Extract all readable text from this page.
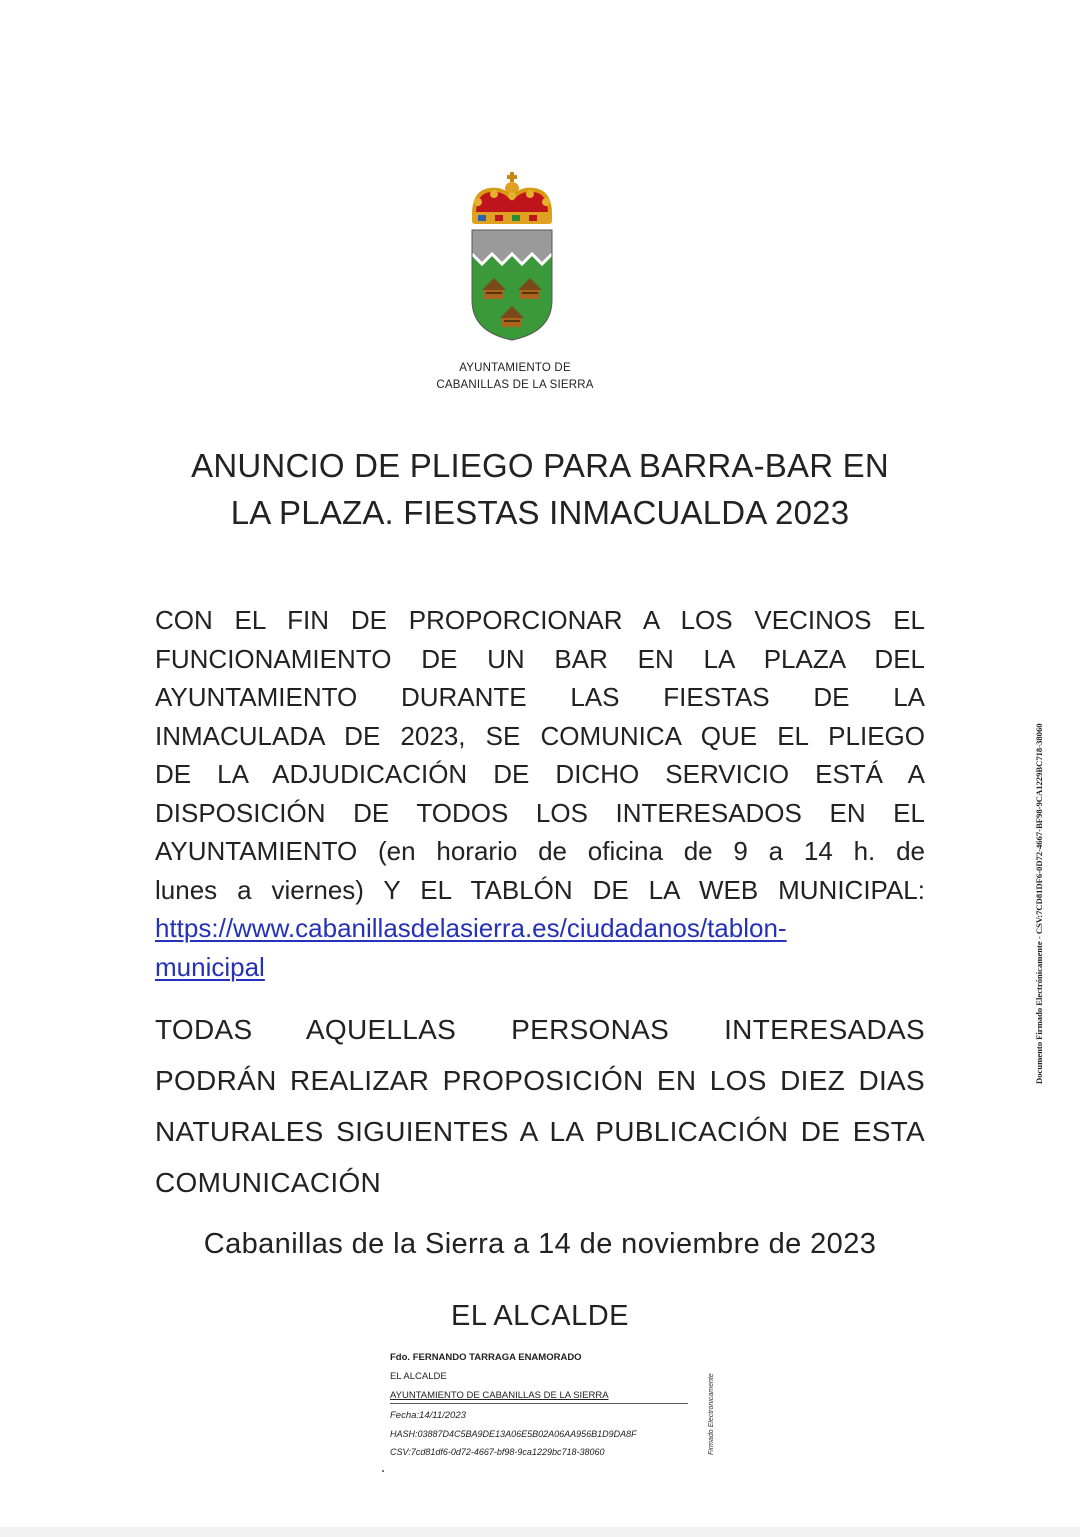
AYUNTAMIENTO DE
CABANILLAS DE LA SIERRA
ANUNCIO DE PLIEGO PARA BARRA-BAR EN
LA PLAZA. FIESTAS INMACUALDA 2023
CON EL FIN DE PROPORCIONAR A LOS VECINOS EL
FUNCIONAMIENTO DE UN BAR EN LA PLAZA DEL
AYUNTAMIENTO DURANTE LAS FIESTAS DE LA
INMACULADA DE 2023, SE COMUNICA QUE EL PLIEGO
DE LA ADJUDICACIÓN DE DICHO SERVICIO ESTÁ A
DISPOSICIÓN DE TODOS LOS INTERESADOS EN EL
AYUNTAMIENTO (en horario de oficina de 9 a 14 h. de
lunes a viernes) Y EL TABLÓN DE LA WEB MUNICIPAL:
https://www.cabanillasdelasierra.es/ciudadanos/tablon-
municipal
TODAS AQUELLAS PERSONAS INTERESADAS
PODRÁN REALIZAR PROPOSICIÓN EN LOS DIEZ DIAS
NATURALES SIGUIENTES A LA PUBLICACIÓN DE ESTA
COMUNICACIÓN
Cabanillas de la Sierra a 14 de noviembre de 2023
EL ALCALDE
Fdo. FERNANDO TARRAGA ENAMORADO
EL ALCALDE
AYUNTAMIENTO DE CABANILLAS DE LA SIERRA
Fecha:14/11/2023
HASH:03887D4C5BA9DE13A06E5B02A06AA956B1D9DA8F
CSV:7cd81df6-0d72-4667-bf98-9ca1229bc718-38060	Firmado Electrónicamente
Documento Firmado Electrónicamente - CSV:7CD81DF6-0D72-4667-BF98-9CA1229BC718-38060
